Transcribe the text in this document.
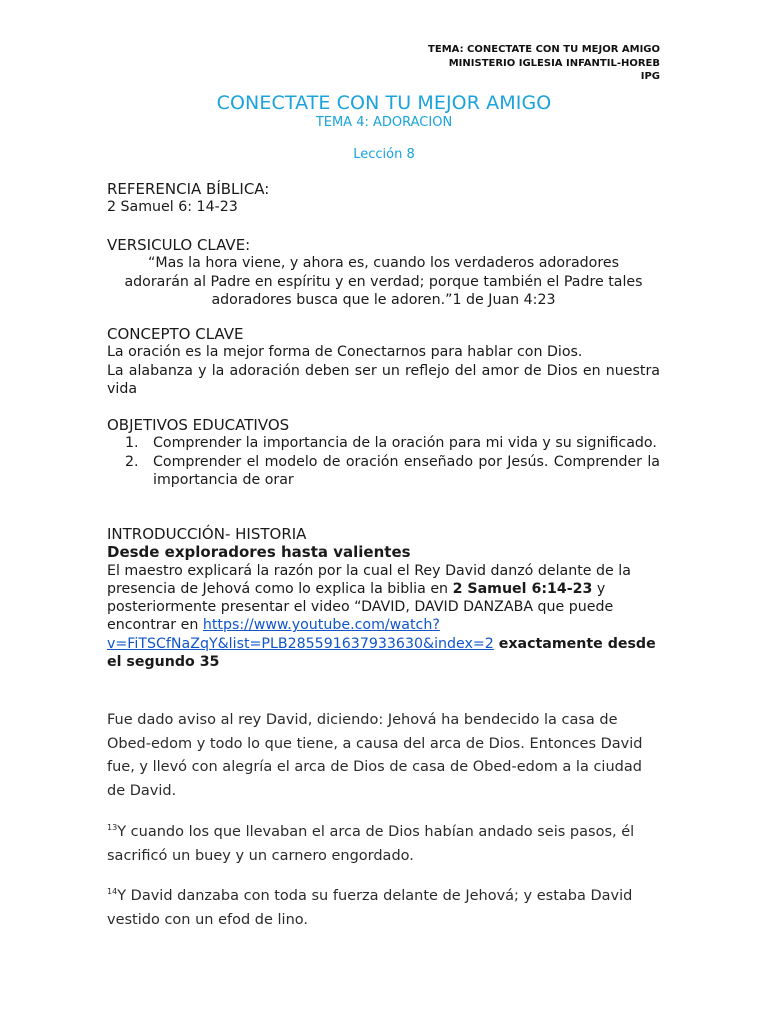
TEMA: CONECTATE CON TU MEJOR AMIGO
MINISTERIO IGLESIA INFANTIL-HOREB
IPG
CONECTATE CON TU MEJOR AMIGO
TEMA 4: ADORACION
Lección 8
REFERENCIA BÍBLICA:
2 Samuel 6: 14-23
VERSICULO CLAVE:
“Mas la hora viene, y ahora es, cuando los verdaderos adoradores
adorarán al Padre en espíritu y en verdad; porque también el Padre tales
adoradores busca que le adoren.”1 de Juan 4:23
CONCEPTO CLAVE
La oración es la mejor forma de Conectarnos para hablar con Dios.
La alabanza y la adoración deben ser un reflejo del amor de Dios en nuestra vida
OBJETIVOS EDUCATIVOS
1. Comprender la importancia de la oración para mi vida y su significado.
2. Comprender el modelo de oración enseñado por Jesús. Comprender la importancia de orar
INTRODUCCIÓN- HISTORIA
Desde exploradores hasta valientes
El maestro explicará la razón por la cual el Rey David danzó delante de la presencia de Jehová como lo explica la biblia en 2 Samuel 6:14-23 y posteriormente presentar el video “DAVID, DAVID DANZABA que puede encontrar en https://www.youtube.com/watch?
v=FiTSCfNaZqY&list=PLB285591637933630&index=2 exactamente desde el segundo 35
Fue dado aviso al rey David, diciendo: Jehová ha bendecido la casa de Obed-edom y todo lo que tiene, a causa del arca de Dios. Entonces David fue, y llevó con alegría el arca de Dios de casa de Obed-edom a la ciudad de David.
$^{13}$Y cuando los que llevaban el arca de Dios habían andado seis pasos, él sacrificó un buey y un carnero engordado.
$^{14}$Y David danzaba con toda su fuerza delante de Jehová; y estaba David vestido con un efod de lino.
